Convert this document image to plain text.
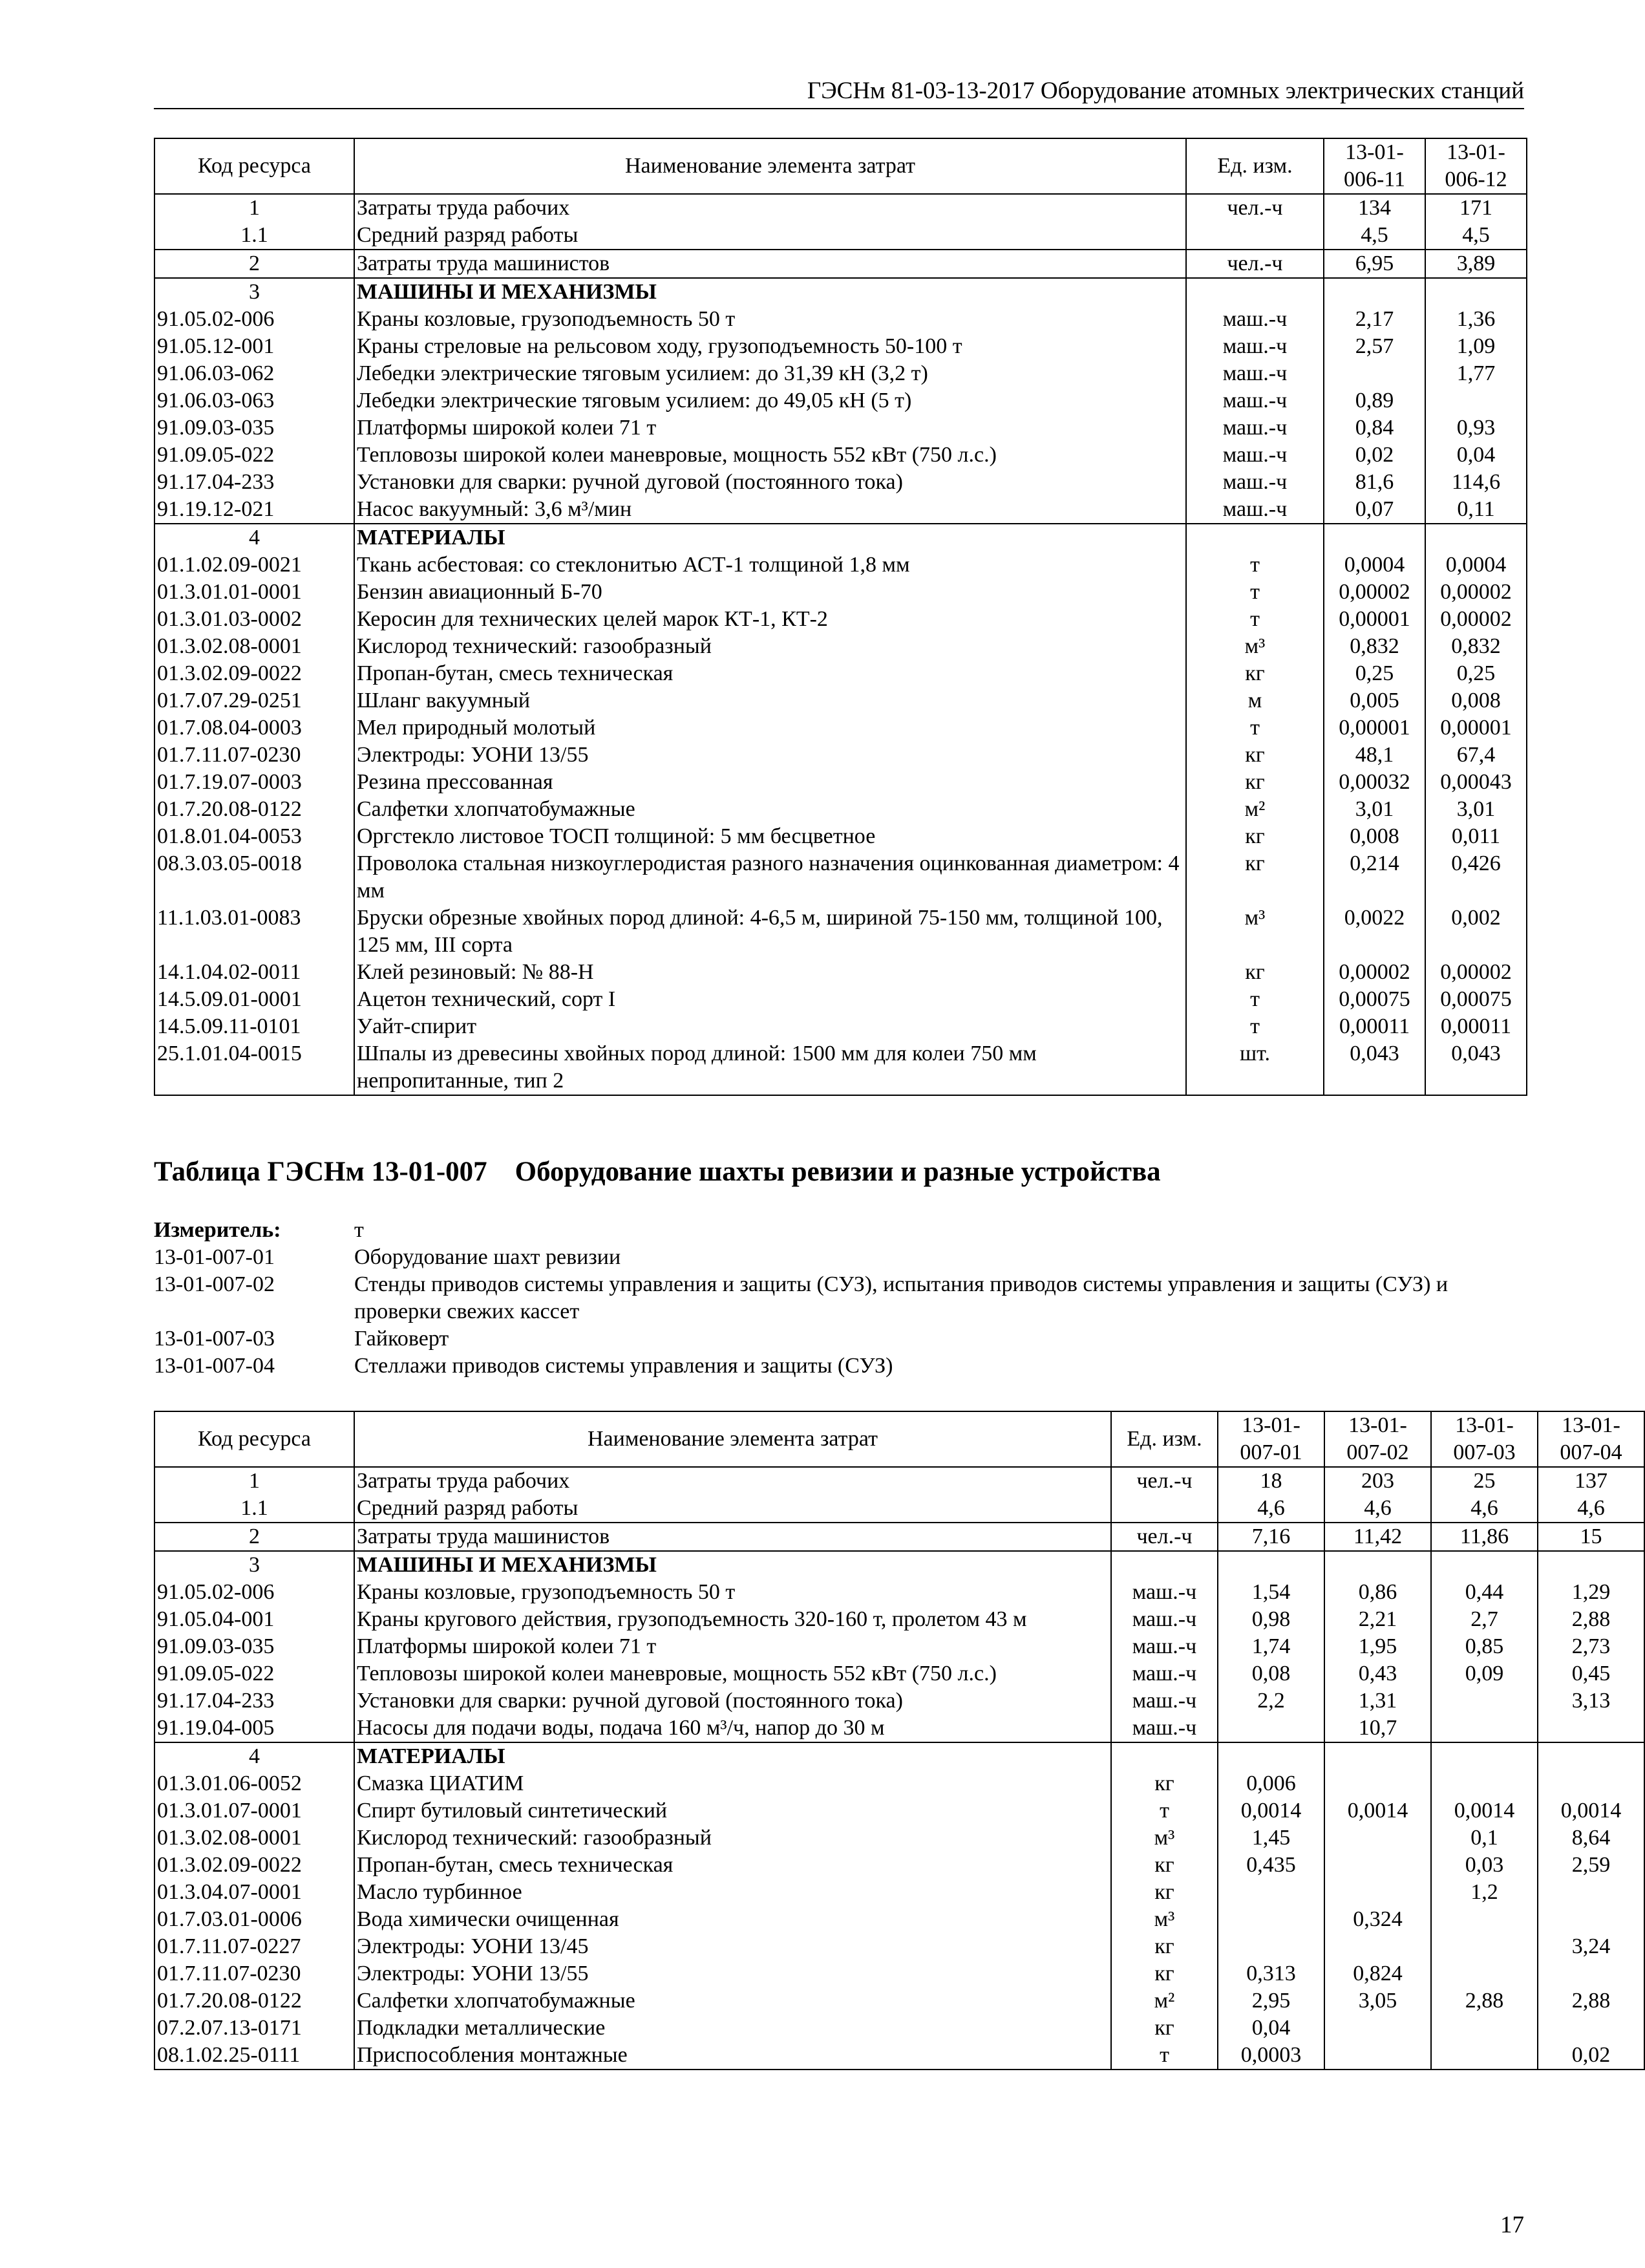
ГЭСНм 81-03-13-2017 Оборудование атомных электрических станций
Код ресурса	Наименование элемента затрат	Ед. изм.	13-01-
006-11	13-01-
006-12
1	Затраты труда рабочих	чел.-ч	134	171
1.1	Средний разряд работы		4,5	4,5
2	Затраты труда машинистов	чел.-ч	6,95	3,89
3	МАШИНЫ И МЕХАНИЗМЫ			
91.05.02-006	Краны козловые, грузоподъемность 50 т	маш.-ч	2,17	1,36
91.05.12-001	Краны стреловые на рельсовом ходу, грузоподъемность 50-100 т	маш.-ч	2,57	1,09
91.06.03-062	Лебедки электрические тяговым усилием: до 31,39 кН (3,2 т)	маш.-ч		1,77
91.06.03-063	Лебедки электрические тяговым усилием: до 49,05 кН (5 т)	маш.-ч	0,89	
91.09.03-035	Платформы широкой колеи 71 т	маш.-ч	0,84	0,93
91.09.05-022	Тепловозы широкой колеи маневровые, мощность 552 кВт (750 л.с.)	маш.-ч	0,02	0,04
91.17.04-233	Установки для сварки: ручной дуговой (постоянного тока)	маш.-ч	81,6	114,6
91.19.12-021	Насос вакуумный: 3,6 м³/мин	маш.-ч	0,07	0,11
4	МАТЕРИАЛЫ			
01.1.02.09-0021	Ткань асбестовая: со стеклонитью АСТ-1 толщиной 1,8 мм	т	0,0004	0,0004
01.3.01.01-0001	Бензин авиационный Б-70	т	0,00002	0,00002
01.3.01.03-0002	Керосин для технических целей марок КТ-1, КТ-2	т	0,00001	0,00002
01.3.02.08-0001	Кислород технический: газообразный	м³	0,832	0,832
01.3.02.09-0022	Пропан-бутан, смесь техническая	кг	0,25	0,25
01.7.07.29-0251	Шланг вакуумный	м	0,005	0,008
01.7.08.04-0003	Мел природный молотый	т	0,00001	0,00001
01.7.11.07-0230	Электроды: УОНИ 13/55	кг	48,1	67,4
01.7.19.07-0003	Резина прессованная	кг	0,00032	0,00043
01.7.20.08-0122	Салфетки хлопчатобумажные	м²	3,01	3,01
01.8.01.04-0053	Оргстекло листовое ТОСП толщиной: 5 мм бесцветное	кг	0,008	0,011
08.3.03.05-0018	Проволока стальная низкоуглеродистая разного назначения оцинкованная диаметром: 4 мм	кг	0,214	0,426
11.1.03.01-0083	Бруски обрезные хвойных пород длиной: 4-6,5 м, шириной 75-150 мм, толщиной 100, 125 мм, III сорта	м³	0,0022	0,002
14.1.04.02-0011	Клей резиновый: № 88-Н	кг	0,00002	0,00002
14.5.09.01-0001	Ацетон технический, сорт I	т	0,00075	0,00075
14.5.09.11-0101	Уайт-спирит	т	0,00011	0,00011
25.1.01.04-0015	Шпалы из древесины хвойных пород длиной: 1500 мм для колеи 750 мм непропитанные, тип 2	шт.	0,043	0,043
Таблица ГЭСНм 13-01-007 Оборудование шахты ревизии и разные устройства
Измеритель:	т
13-01-007-01	Оборудование шахт ревизии
13-01-007-02	Стенды приводов системы управления и защиты (СУЗ), испытания приводов системы управления и защиты (СУЗ) и проверки свежих кассет
13-01-007-03	Гайковерт
13-01-007-04	Стеллажи приводов системы управления и защиты (СУЗ)
Код ресурса	Наименование элемента затрат	Ед. изм.	13-01-
007-01	13-01-
007-02	13-01-
007-03	13-01-
007-04
1	Затраты труда рабочих	чел.-ч	18	203	25	137
1.1	Средний разряд работы		4,6	4,6	4,6	4,6
2	Затраты труда машинистов	чел.-ч	7,16	11,42	11,86	15
3	МАШИНЫ И МЕХАНИЗМЫ					
91.05.02-006	Краны козловые, грузоподъемность 50 т	маш.-ч	1,54	0,86	0,44	1,29
91.05.04-001	Краны кругового действия, грузоподъемность 320-160 т, пролетом 43 м	маш.-ч	0,98	2,21	2,7	2,88
91.09.03-035	Платформы широкой колеи 71 т	маш.-ч	1,74	1,95	0,85	2,73
91.09.05-022	Тепловозы широкой колеи маневровые, мощность 552 кВт (750 л.с.)	маш.-ч	0,08	0,43	0,09	0,45
91.17.04-233	Установки для сварки: ручной дуговой (постоянного тока)	маш.-ч	2,2	1,31		3,13
91.19.04-005	Насосы для подачи воды, подача 160 м³/ч, напор до 30 м	маш.-ч		10,7		
4	МАТЕРИАЛЫ					
01.3.01.06-0052	Смазка ЦИАТИМ	кг	0,006			
01.3.01.07-0001	Спирт бутиловый синтетический	т	0,0014	0,0014	0,0014	0,0014
01.3.02.08-0001	Кислород технический: газообразный	м³	1,45		0,1	8,64
01.3.02.09-0022	Пропан-бутан, смесь техническая	кг	0,435		0,03	2,59
01.3.04.07-0001	Масло турбинное	кг			1,2	
01.7.03.01-0006	Вода химически очищенная	м³		0,324		
01.7.11.07-0227	Электроды: УОНИ 13/45	кг				3,24
01.7.11.07-0230	Электроды: УОНИ 13/55	кг	0,313	0,824		
01.7.20.08-0122	Салфетки хлопчатобумажные	м²	2,95	3,05	2,88	2,88
07.2.07.13-0171	Подкладки металлические	кг	0,04			
08.1.02.25-0111	Приспособления монтажные	т	0,0003			0,02
17
